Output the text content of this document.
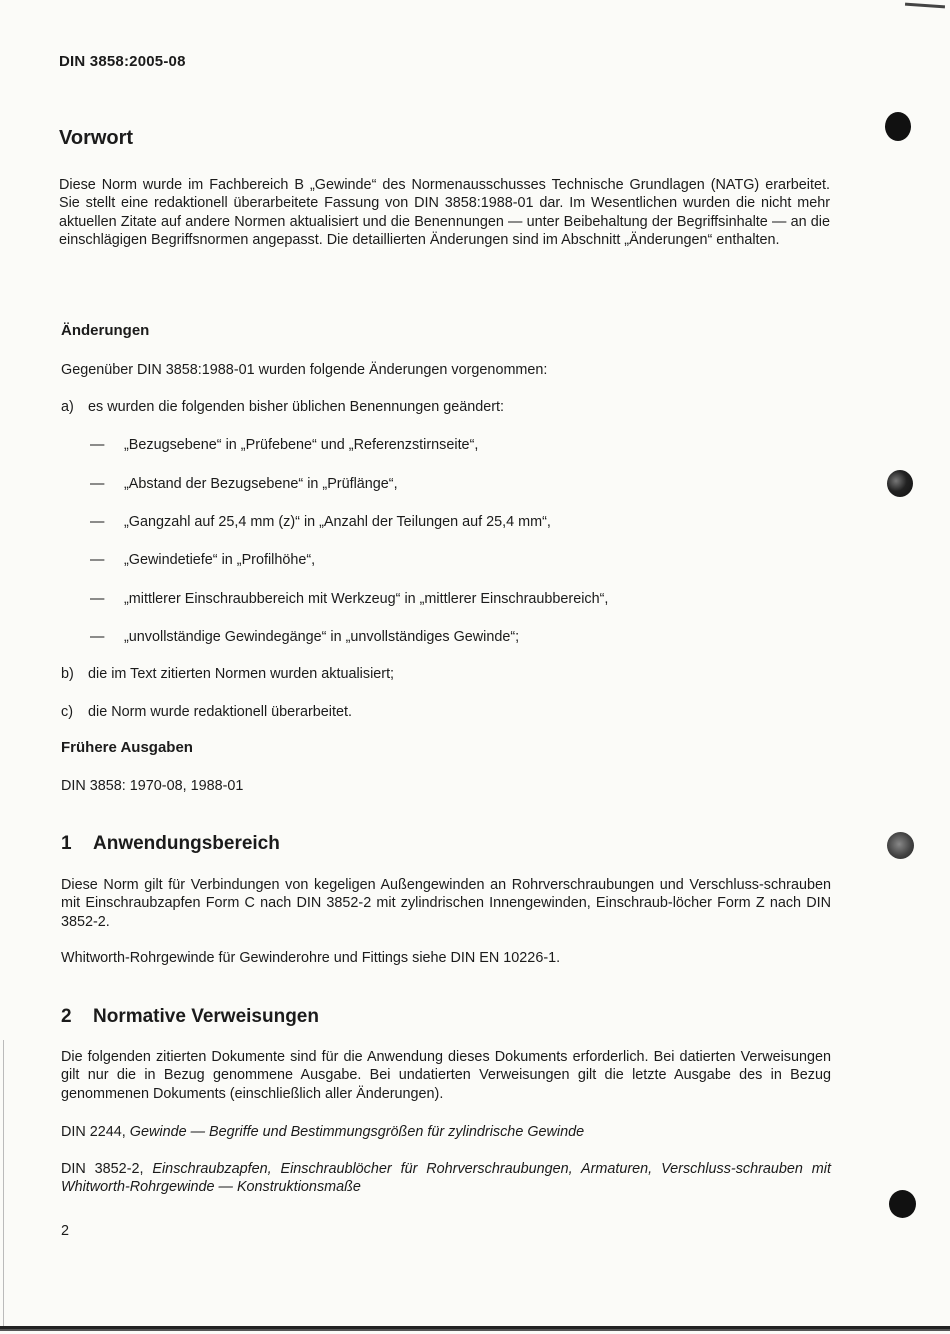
DIN 3858:2005-08
Vorwort
Diese Norm wurde im Fachbereich B „Gewinde“ des Normenausschusses Technische Grundlagen (NATG) erarbeitet. Sie stellt eine redaktionell überarbeitete Fassung von DIN 3858:1988-01 dar. Im Wesentlichen wurden die nicht mehr aktuellen Zitate auf andere Normen aktualisiert und die Benennungen — unter Beibehaltung der Begriffsinhalte — an die einschlägigen Begriffsnormen angepasst. Die detaillierten Änderungen sind im Abschnitt „Änderungen“ enthalten.
Änderungen
Gegenüber DIN 3858:1988-01 wurden folgende Änderungen vorgenommen:
a) es wurden die folgenden bisher üblichen Benennungen geändert:
— „Bezugsebene“ in „Prüfebene“ und „Referenzstirnseite“,
— „Abstand der Bezugsebene“ in „Prüflänge“,
— „Gangzahl auf 25,4 mm (z)“ in „Anzahl der Teilungen auf 25,4 mm“,
— „Gewindetiefe“ in „Profilhöhe“,
— „mittlerer Einschraubbereich mit Werkzeug“ in „mittlerer Einschraubbereich“,
— „unvollständige Gewindegänge“ in „unvollständiges Gewinde“;
b) die im Text zitierten Normen wurden aktualisiert;
c) die Norm wurde redaktionell überarbeitet.
Frühere Ausgaben
DIN 3858: 1970-08, 1988-01
1 Anwendungsbereich
Diese Norm gilt für Verbindungen von kegeligen Außengewinden an Rohrverschraubungen und Verschluss-schrauben mit Einschraubzapfen Form C nach DIN 3852-2 mit zylindrischen Innengewinden, Einschraub-löcher Form Z nach DIN 3852-2.
Whitworth-Rohrgewinde für Gewinderohre und Fittings siehe DIN EN 10226-1.
2 Normative Verweisungen
Die folgenden zitierten Dokumente sind für die Anwendung dieses Dokuments erforderlich. Bei datierten Verweisungen gilt nur die in Bezug genommene Ausgabe. Bei undatierten Verweisungen gilt die letzte Ausgabe des in Bezug genommenen Dokuments (einschließlich aller Änderungen).
DIN 2244, Gewinde — Begriffe und Bestimmungsgrößen für zylindrische Gewinde
DIN 3852-2, Einschraubzapfen, Einschraublöcher für Rohrverschraubungen, Armaturen, Verschluss-schrauben mit Whitworth-Rohrgewinde — Konstruktionsmaße
2
